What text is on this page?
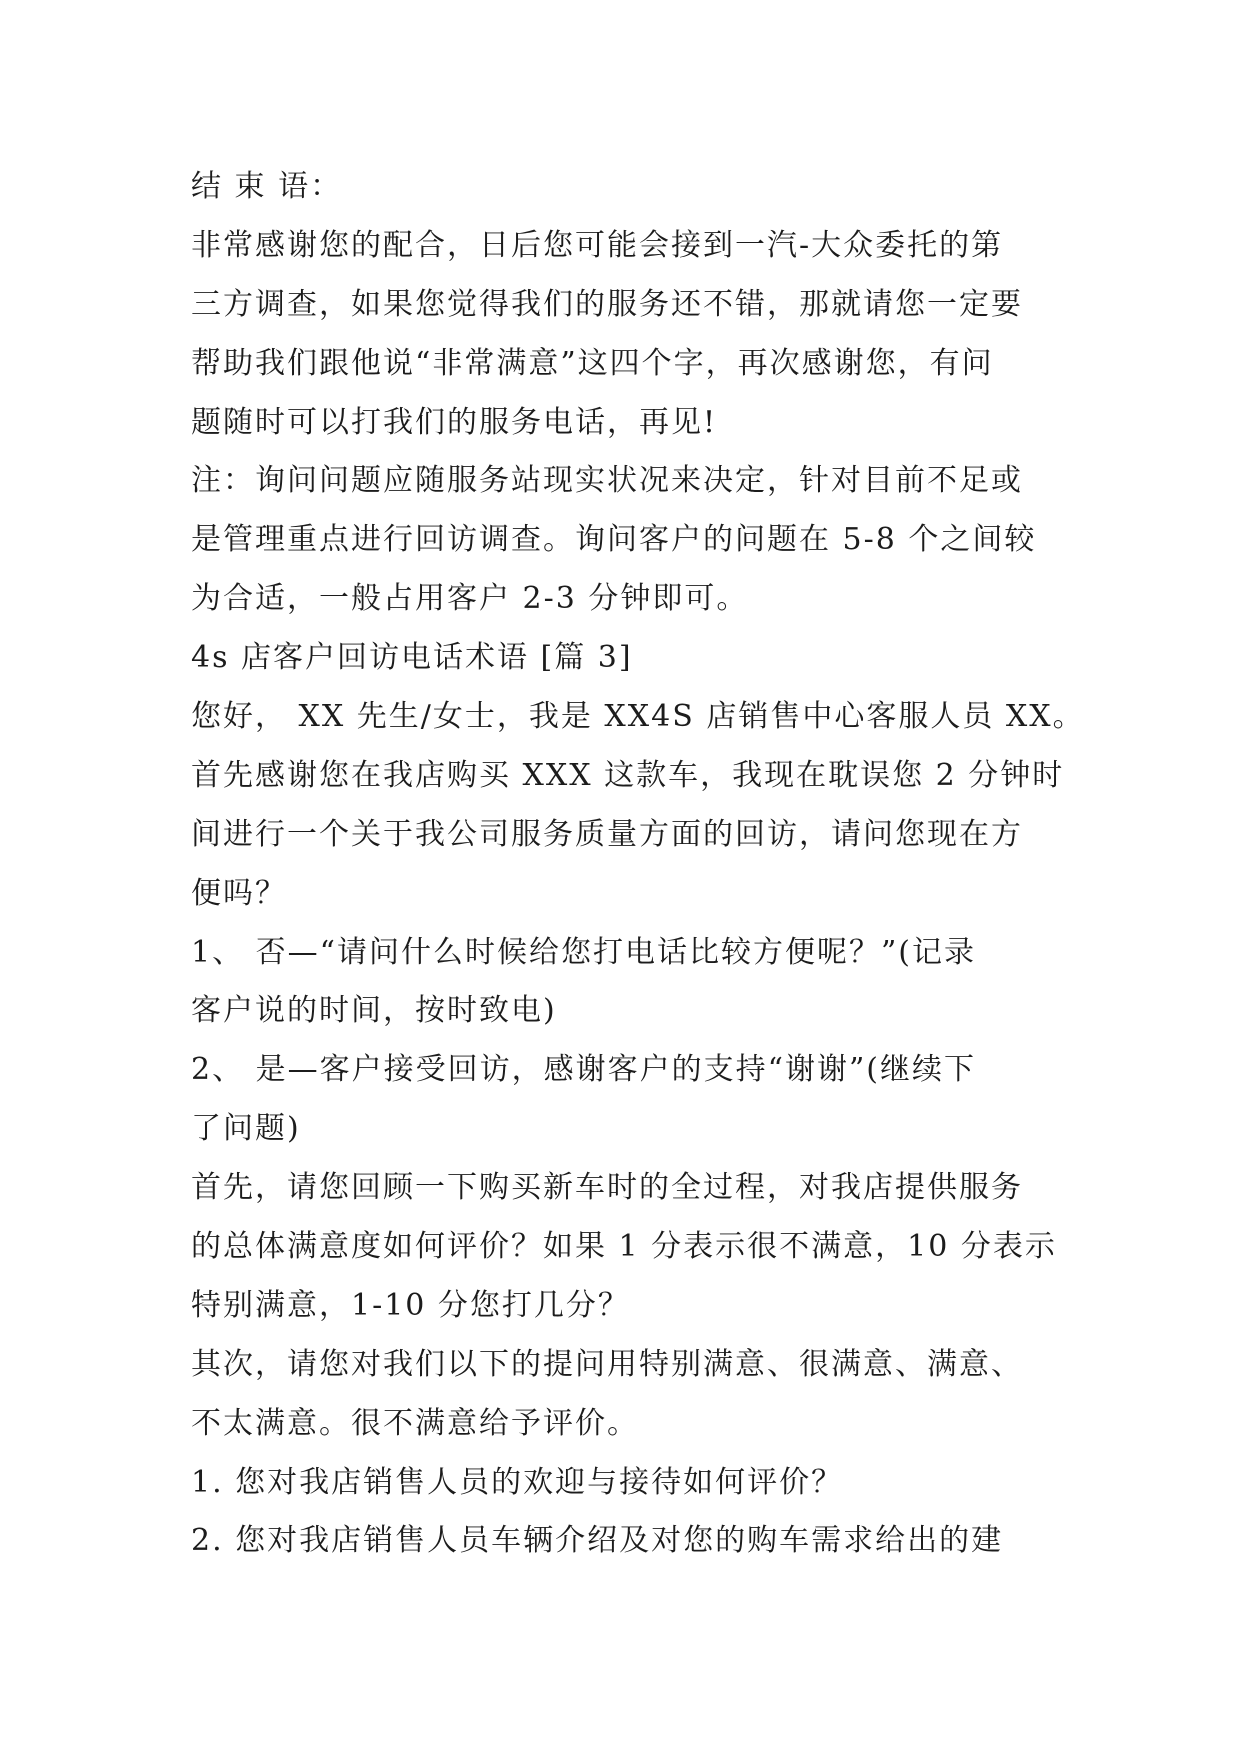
结 束 语：
非常感谢您的配合，日后您可能会接到一汽-大众委托的第
三方调查，如果您觉得我们的服务还不错，那就请您一定要
帮助我们跟他说“非常满意”这四个字，再次感谢您，有问
题随时可以打我们的服务电话，再见!
注：询问问题应随服务站现实状况来决定，针对目前不足或
是管理重点进行回访调查。询问客户的问题在 5-8 个之间较
为合适，一般占用客户 2-3 分钟即可。
4s 店客户回访电话术语 [篇 3]
您好， XX 先生/女士，我是 XX4S 店销售中心客服人员 XX。
首先感谢您在我店购买 XXX 这款车，我现在耽误您 2 分钟时
间进行一个关于我公司服务质量方面的回访，请问您现在方
便吗？
1、 否—“请问什么时候给您打电话比较方便呢？”(记录
客户说的时间，按时致电)
2、 是—客户接受回访，感谢客户的支持“谢谢”(继续下
了问题)
首先，请您回顾一下购买新车时的全过程，对我店提供服务
的总体满意度如何评价？如果 1 分表示很不满意，10 分表示
特别满意，1-10 分您打几分？
其次，请您对我们以下的提问用特别满意、很满意、满意、
不太满意。很不满意给予评价。
1. 您对我店销售人员的欢迎与接待如何评价？
2. 您对我店销售人员车辆介绍及对您的购车需求给出的建
